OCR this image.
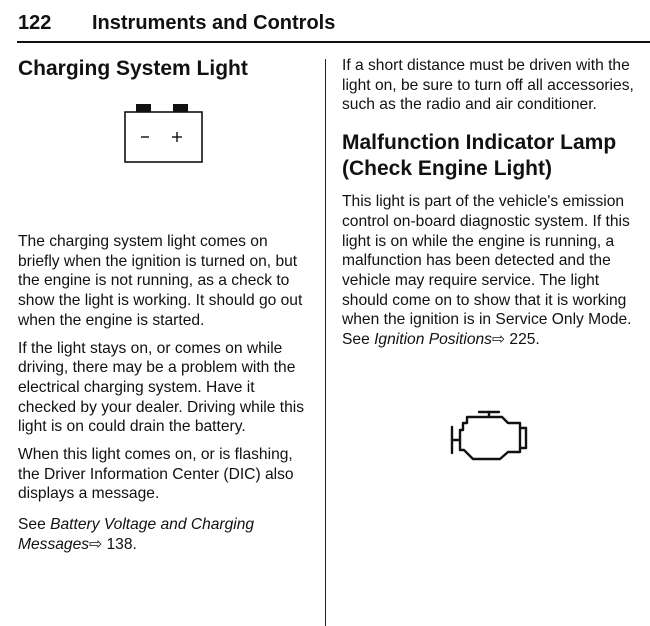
122 Instruments and Controls
Charging System Light

The charging system light comes on briefly when the ignition is turned on, but the engine is not running, as a check to show the light is working. It should go out when the engine is started.

If the light stays on, or comes on while driving, there may be a problem with the electrical charging system. Have it checked by your dealer. Driving while this light is on could drain the battery.

When this light comes on, or is flashing, the Driver Information Center (DIC) also displays a message.

See Battery Voltage and Charging Messages⇨ 138.

If a short distance must be driven with the light on, be sure to turn off all accessories, such as the radio and air conditioner.

Malfunction Indicator Lamp (Check Engine Light)

This light is part of the vehicle's emission control on-board diagnostic system. If this light is on while the engine is running, a malfunction has been detected and the vehicle may require service. The light should come on to show that it is working when the ignition is in Service Only Mode. See Ignition Positions⇨ 225.
